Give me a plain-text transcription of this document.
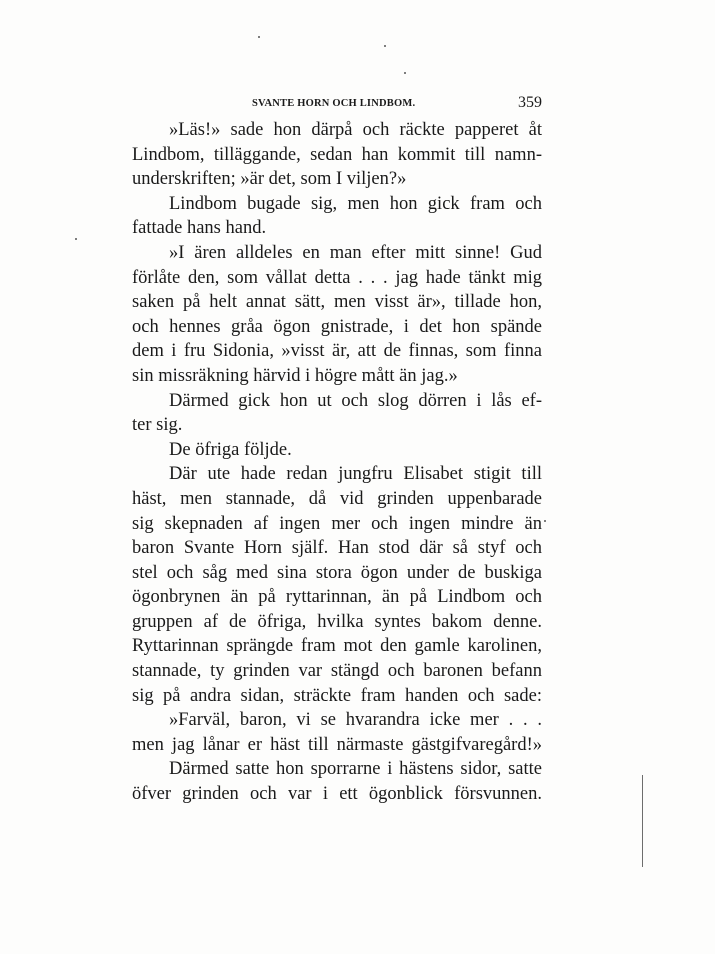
SVANTE HORN OCH LINDBOM.	359
»Läs!» sade hon därpå och räckte papperet åt
Lindbom, tilläggande, sedan han kommit till namn-
underskriften; »är det, som I viljen?»
Lindbom bugade sig, men hon gick fram och
fattade hans hand.
»I ären alldeles en man efter mitt sinne! Gud
förlåte den, som vållat detta . . . jag hade tänkt mig
saken på helt annat sätt, men visst är», tillade hon,
och hennes gråa ögon gnistrade, i det hon spände
dem i fru Sidonia, »visst är, att de finnas, som finna
sin missräkning härvid i högre mått än jag.»
Därmed gick hon ut och slog dörren i lås ef-
ter sig.
De öfriga följde.
Där ute hade redan jungfru Elisabet stigit till
häst, men stannade, då vid grinden uppenbarade
sig skepnaden af ingen mer och ingen mindre än
baron Svante Horn själf. Han stod där så styf och
stel och såg med sina stora ögon under de buskiga
ögonbrynen än på ryttarinnan, än på Lindbom och
gruppen af de öfriga, hvilka syntes bakom denne.
Ryttarinnan sprängde fram mot den gamle karolinen,
stannade, ty grinden var stängd och baronen befann
sig på andra sidan, sträckte fram handen och sade:
»Farväl, baron, vi se hvarandra icke mer . . .
men jag lånar er häst till närmaste gästgifvaregård!»
Därmed satte hon sporrarne i hästens sidor, satte
öfver grinden och var i ett ögonblick försvunnen.
